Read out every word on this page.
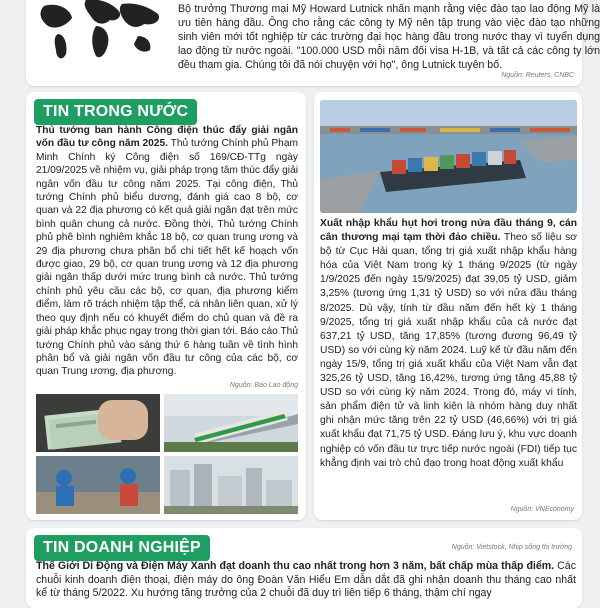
Bộ trưởng Thương mại Mỹ Howard Lutnick nhấn mạnh rằng việc đào tạo lao động Mỹ là ưu tiên hàng đầu. Ông cho rằng các công ty Mỹ nên tập trung vào việc đào tạo những sinh viên mới tốt nghiệp từ các trường đại học hàng đầu trong nước thay vì tuyển dụng lao động từ nước ngoài. "100.000 USD mỗi năm đối visa H-1B, và tất cả các công ty lớn đều tham gia. Chúng tôi đã nói chuyện với họ", ông Lutnick tuyên bố.

Nguồn: Reuters, CNBC
TIN TRONG NƯỚC

Thủ tướng ban hành Công điện thúc đẩy giải ngân vốn đầu tư công năm 2025. Thủ tướng Chính phủ Phạm Minh Chính ký Công điện số 169/CĐ-TTg ngày 21/09/2025 về nhiệm vụ, giải pháp trọng tâm thúc đẩy giải ngân vốn đầu tư công năm 2025. Tại công điện, Thủ tướng Chính phủ biểu dương, đánh giá cao 8 bộ, cơ quan và 22 địa phương có kết quả giải ngân đạt trên mức bình quân chung cả nước. Đồng thời, Thủ tướng Chính phủ phê bình nghiêm khắc 18 bộ, cơ quan trung ương và 29 địa phương chưa phân bổ chi tiết hết kế hoạch vốn được giao, 29 bộ, cơ quan trung ương và 12 địa phương giải ngân thấp dưới mức trung bình cả nước. Thủ tướng chính phủ yêu cầu các bộ, cơ quan, địa phương kiểm điểm, làm rõ trách nhiệm tập thể, cá nhân liên quan, xử lý theo quy định nếu có khuyết điểm do chủ quan và đề ra giải pháp khắc phục ngay trong thời gian tới. Báo cáo Thủ tướng Chính phủ vào sáng thứ 6 hàng tuần về tình hình phân bổ và giải ngân vốn đầu tư công của các bộ, cơ quan Trung ương, địa phương.

Nguồn: Báo Lao động

Xuất nhập khẩu hụt hơi trong nửa đầu tháng 9, cán cân thương mại tạm thời đảo chiều. Theo số liệu sơ bộ từ Cục Hải quan, tổng trị giá xuất nhập khẩu hàng hóa của Việt Nam trong kỳ 1 tháng 9/2025 (từ ngày 1/9/2025 đến ngày 15/9/2025) đạt 39,05 tỷ USD, giảm 3,25% (tương ứng 1,31 tỷ USD) so với nửa đầu tháng 8/2025. Dù vậy, tính từ đầu năm đến hết kỳ 1 tháng 9/2025, tổng trị giá xuất nhập khẩu của cả nước đạt 637,21 tỷ USD, tăng 17,85% (tương đương 96,49 tỷ USD) so với cùng kỳ năm 2024. Luỹ kế từ đầu năm đến ngày 15/9, tổng trị giá xuất khẩu của Việt Nam vẫn đạt 325,26 tỷ USD, tăng 16,42%, tương ứng tăng 45,88 tỷ USD so với cùng kỳ năm 2024. Trong đó, máy vi tính, sản phẩm điện tử và linh kiện là nhóm hàng duy nhất ghi nhận mức tăng trên 22 tỷ USD (46,66%) với trị giá xuất khẩu đạt 71,75 tỷ USD. Đáng lưu ý, khu vực doanh nghiệp có vốn đầu tư trực tiếp nước ngoài (FDI) tiếp tục khẳng định vai trò chủ đạo trong hoạt động xuất khẩu

Nguồn: VNEconomy
TIN DOANH NGHIỆP	Nguồn: Vietstock, Nhịp sống thị trường

Thế Giới Di Động và Điện Máy Xanh đạt doanh thu cao nhất trong hơn 3 năm, bất chấp mùa thấp điểm. Các chuỗi kinh doanh điện thoại, điện máy do ông Đoàn Văn Hiểu Em dẫn dắt đã ghi nhận doanh thu tháng cao nhất kể từ tháng 5/2022. Xu hướng tăng trưởng của 2 chuỗi đã duy trì liên tiếp 6 tháng, thậm chí ngay
